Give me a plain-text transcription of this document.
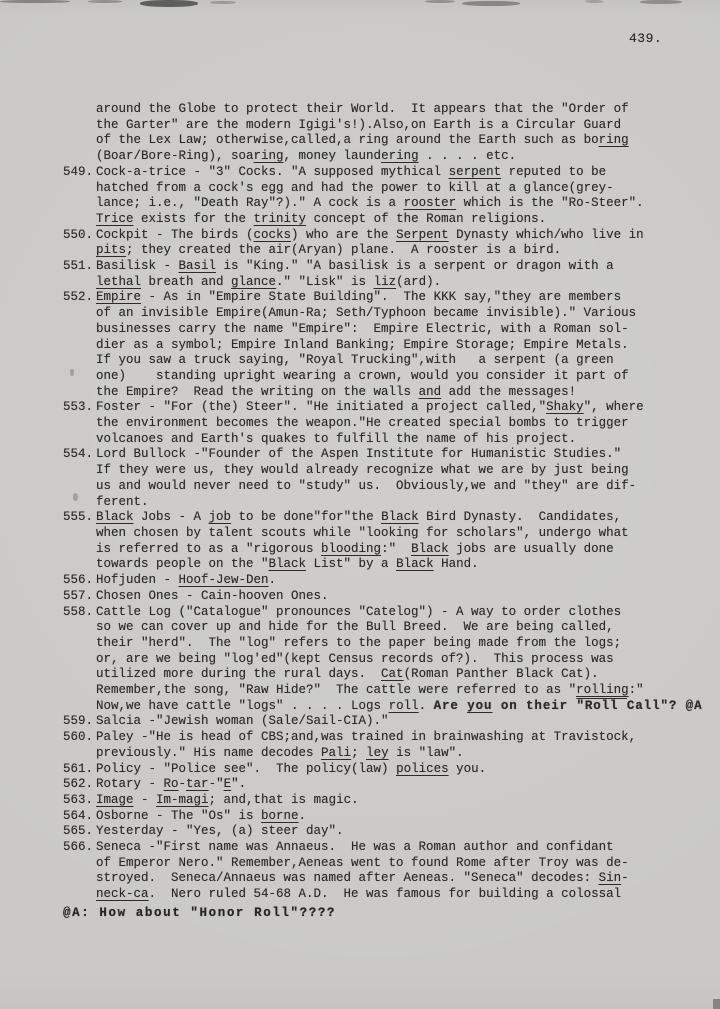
439.
around the Globe to protect their World.  It appears that the "Order of
the Garter" are the modern Igigi's!).Also,on Earth is a Circular Guard
of the Lex Law; otherwise,called,a ring around the Earth such as boring
(Boar/Bore-Ring), soaring, money laundering . . . . etc.
549. Cock-a-trice - "3" Cocks. "A supposed mythical serpent reputed to be
hatched from a cock's egg and had the power to kill at a glance(grey-
lance; i.e., "Death Ray"?)." A cock is a rooster which is the "Ro-Steer".
Trice exists for the trinity concept of the Roman religions.
550. Cockpit - The birds (cocks) who are the Serpent Dynasty which/who live in
pits; they created the air(Aryan) plane.  A rooster is a bird.
551. Basilisk - Basil is "King." "A basilisk is a serpent or dragon with a
lethal breath and glance." "Lisk" is liz(ard).
552. Empire - As in "Empire State Building".  The KKK say,"they are members
of an invisible Empire(Amun-Ra; Seth/Typhoon became invisible)." Various
businesses carry the name "Empire":  Empire Electric, with a Roman sol-
dier as a symbol; Empire Inland Banking; Empire Storage; Empire Metals.
If you saw a truck saying, "Royal Trucking",with   a serpent (a green
one)    standing upright wearing a crown, would you consider it part of
the Empire?  Read the writing on the walls and add the messages!
553. Foster - "For (the) Steer". "He initiated a project called,"Shaky", where
the environment becomes the weapon."He created special bombs to trigger
volcanoes and Earth's quakes to fulfill the name of his project.
554. Lord Bullock -"Founder of the Aspen Institute for Humanistic Studies."
If they were us, they would already recognize what we are by just being
us and would never need to "study" us.  Obviously,we and "they" are dif-
ferent.
555. Black Jobs - A job to be done"for"the Black Bird Dynasty.  Candidates,
when chosen by talent scouts while "looking for scholars", undergo what
is referred to as a "rigorous blooding:"  Black jobs are usually done
towards people on the "Black List" by a Black Hand.
556. Hofjuden - Hoof-Jew-Den.
557. Chosen Ones - Cain-hooven Ones.
558. Cattle Log ("Catalogue" pronounces "Catelog") - A way to order clothes
so we can cover up and hide for the Bull Breed.  We are being called,
their "herd".  The "log" refers to the paper being made from the logs;
or, are we being "log'ed"(kept Census records of?).  This process was
utilized more during the rural days.  Cat(Roman Panther Black Cat).
Remember,the song, "Raw Hide?"  The cattle were referred to as "rolling:"
Now,we have cattle "logs" . . . . Logs roll. Are you on their "Roll Call"? @A
559. Salcia -"Jewish woman (Sale/Sail-CIA)."
560. Paley -"He is head of CBS;and,was trained in brainwashing at Travistock,
previously." His name decodes Pali; ley is "law".
561. Policy - "Police see".  The policy(law) polices you.
562. Rotary - Ro-tar-"E".
563. Image - Im-magi; and,that is magic.
564. Osborne - The "Os" is borne.
565. Yesterday - "Yes, (a) steer day".
566. Seneca -"First name was Annaeus.  He was a Roman author and confidant
of Emperor Nero." Remember,Aeneas went to found Rome after Troy was de-
stroyed.  Seneca/Annaeus was named after Aeneas. "Seneca" decodes: Sin-
neck-ca.  Nero ruled 54-68 A.D.  He was famous for building a colossal
@A: How about "Honor Roll"????
